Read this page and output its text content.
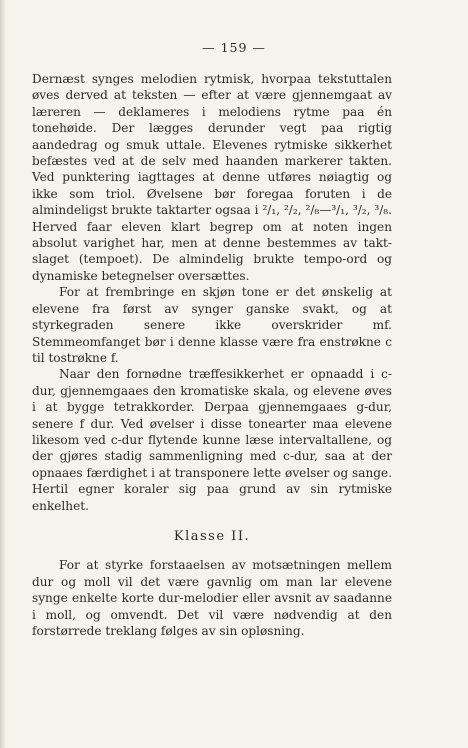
— 159 —

Dernæst synges melodien rytmisk, hvorpaa tekstuttalen øves derved at teksten — efter at være gjennemgaat av læreren — deklameres i melodiens rytme paa én tonehøide. Der lægges derunder vegt paa rigtig aandedrag og smuk uttale. Elevenes rytmiske sikkerhet befæstes ved at de selv med haanden markerer takten. Ved punktering iagttages at denne utføres nøiagtig og ikke som triol. Øvelsene bør foregaa foruten i de almindeligst brukte taktarter ogsaa i ²/₁, ²/₂, ²/₈—³/₁, ³/₂, ³/₈. Herved faar eleven klart begrep om at noten ingen absolut varighet har, men at denne bestemmes av takt-slaget (tempoet). De almindelig brukte tempo-ord og dynamiske betegnelser oversættes.

For at frembringe en skjøn tone er det ønskelig at elevene fra først av synger ganske svakt, og at styrkegraden senere ikke overskrider mf. Stemmeomfanget bør i denne klasse være fra enstrøkne c til tostrøkne f.

Naar den fornødne træffesikkerhet er opnaadd i c-dur, gjennemgaaes den kromatiske skala, og elevene øves i at bygge tetrakkorder. Derpaa gjennemgaaes g-dur, senere f dur. Ved øvelser i disse tonearter maa elevene likesom ved c-dur flytende kunne læse intervaltallene, og der gjøres stadig sammenligning med c-dur, saa at der opnaaes færdighet i at transponere lette øvelser og sange. Hertil egner koraler sig paa grund av sin rytmiske enkelhet.

Klasse II.

For at styrke forstaaelsen av motsætningen mellem dur og moll vil det være gavnlig om man lar elevene synge enkelte korte dur-melodier eller avsnit av saadanne i moll, og omvendt. Det vil være nødvendig at den forstørrede treklang følges av sin opløsning.
